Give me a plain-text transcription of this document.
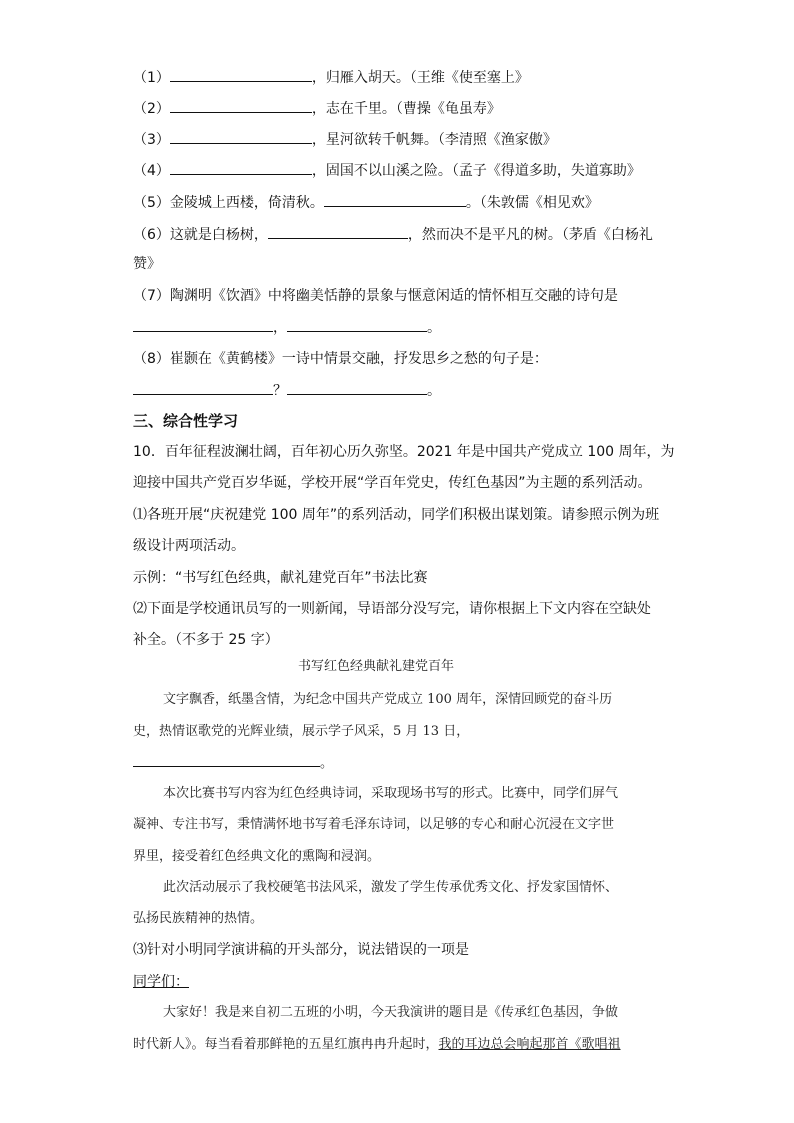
（1）	，归雁入胡天。（王维《使至塞上》
（2）	，志在千里。（曹操《龟虽寿》
（3）	，星河欲转千帆舞。（李清照《渔家傲》
（4）	，固国不以山溪之险。（孟子《得道多助，失道寡助》
（5）金陵城上西楼，倚清秋。	。（朱敦儒《相见欢》
（6）这就是白杨树，	，然而决不是平凡的树。（茅盾《白杨礼
赞》
（7）陶渊明《饮酒》中将幽美恬静的景象与惬意闲适的情怀相互交融的诗句是
，	。
（8）崔颢在《黄鹤楼》一诗中情景交融，抒发思乡之愁的句子是：
？	。
三、综合性学习
10．百年征程波澜壮阔，百年初心历久弥坚。2021 年是中国共产党成立 100 周年，为
迎接中国共产党百岁华诞，学校开展“学百年党史，传红色基因”为主题的系列活动。
⑴各班开展“庆祝建党 100 周年”的系列活动，同学们积极出谋划策。请参照示例为班
级设计两项活动。
示例：“书写红色经典，献礼建党百年”书法比赛
⑵下面是学校通讯员写的一则新闻，导语部分没写完，请你根据上下文内容在空缺处
补全。（不多于 25 字）
书写红色经典献礼建党百年
文字飘香，纸墨含情，为纪念中国共产党成立 100 周年，深情回顾党的奋斗历
史，热情讴歌党的光辉业绩，展示学子风采，5 月 13 日，
。
本次比赛书写内容为红色经典诗词，采取现场书写的形式。比赛中，同学们屏气
凝神、专注书写，秉情满怀地书写着毛泽东诗词，以足够的专心和耐心沉浸在文字世
界里，接受着红色经典文化的熏陶和浸润。
此次活动展示了我校硬笔书法风采，激发了学生传承优秀文化、抒发家国情怀、
弘扬民族精神的热情。
⑶针对小明同学演讲稿的开头部分，说法错误的一项是
同学们：
大家好！我是来自初二五班的小明，今天我演讲的题目是《传承红色基因，争做
时代新人》。每当看着那鲜艳的五星红旗冉冉升起时，我的耳边总会响起那首《歌唱祖
